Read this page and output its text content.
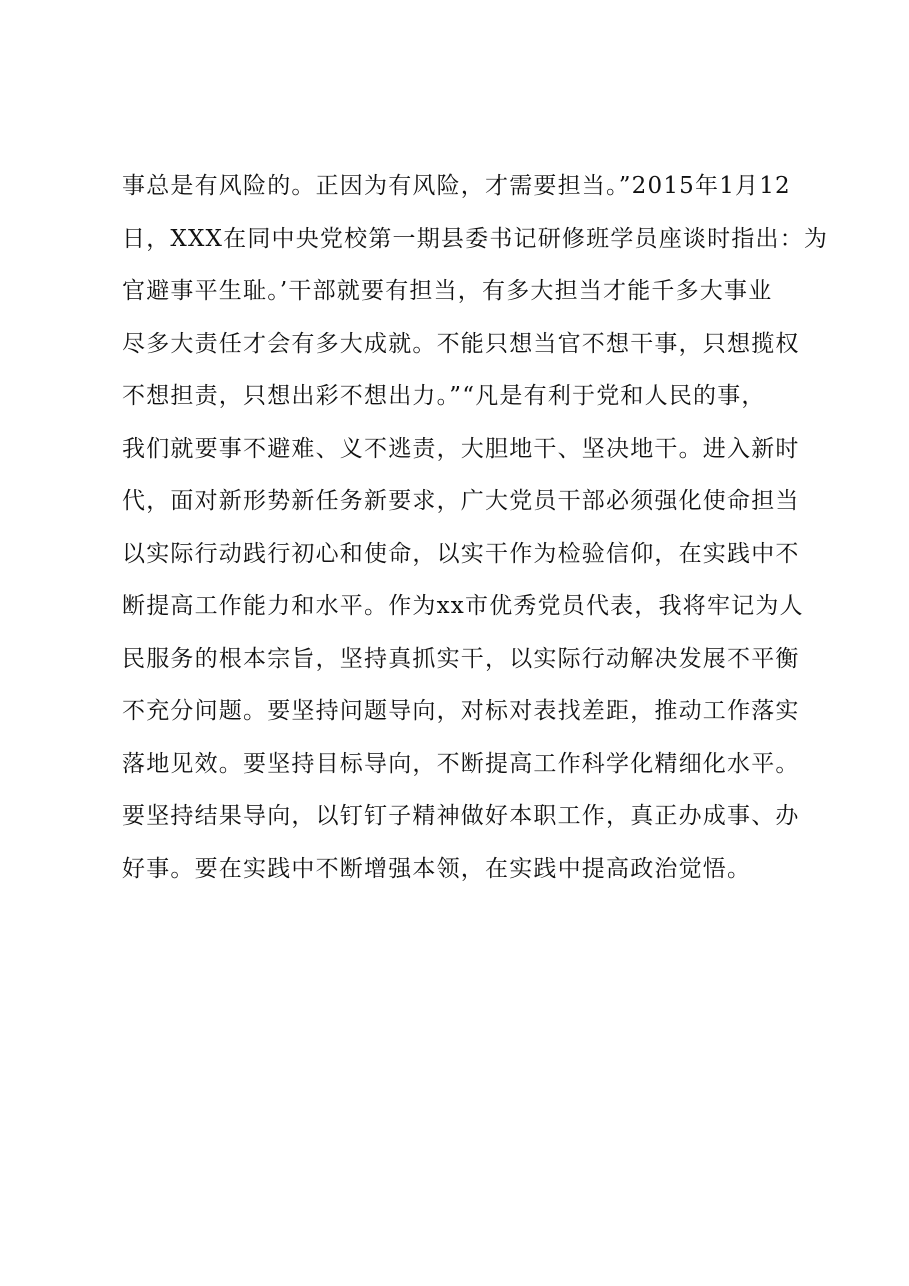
事总是有风险的。正因为有风险，才需要担当。”2015年1月12
日，XXX在同中央党校第一期县委书记研修班学员座谈时指出：为
官避事平生耻。’干部就要有担当，有多大担当才能千多大事业
尽多大责任才会有多大成就。不能只想当官不想干事，只想揽权
不想担责，只想出彩不想出力。”“凡是有利于党和人民的事，
我们就要事不避难、义不逃责，大胆地干、坚决地干。进入新时
代，面对新形势新任务新要求，广大党员干部必须强化使命担当
以实际行动践行初心和使命，以实干作为检验信仰，在实践中不
断提高工作能力和水平。作为xx市优秀党员代表，我将牢记为人
民服务的根本宗旨，坚持真抓实干，以实际行动解决发展不平衡
不充分问题。要坚持问题导向，对标对表找差距，推动工作落实
落地见效。要坚持目标导向，不断提高工作科学化精细化水平。
要坚持结果导向，以钉钉子精神做好本职工作，真正办成事、办
好事。要在实践中不断增强本领，在实践中提高政治觉悟。
